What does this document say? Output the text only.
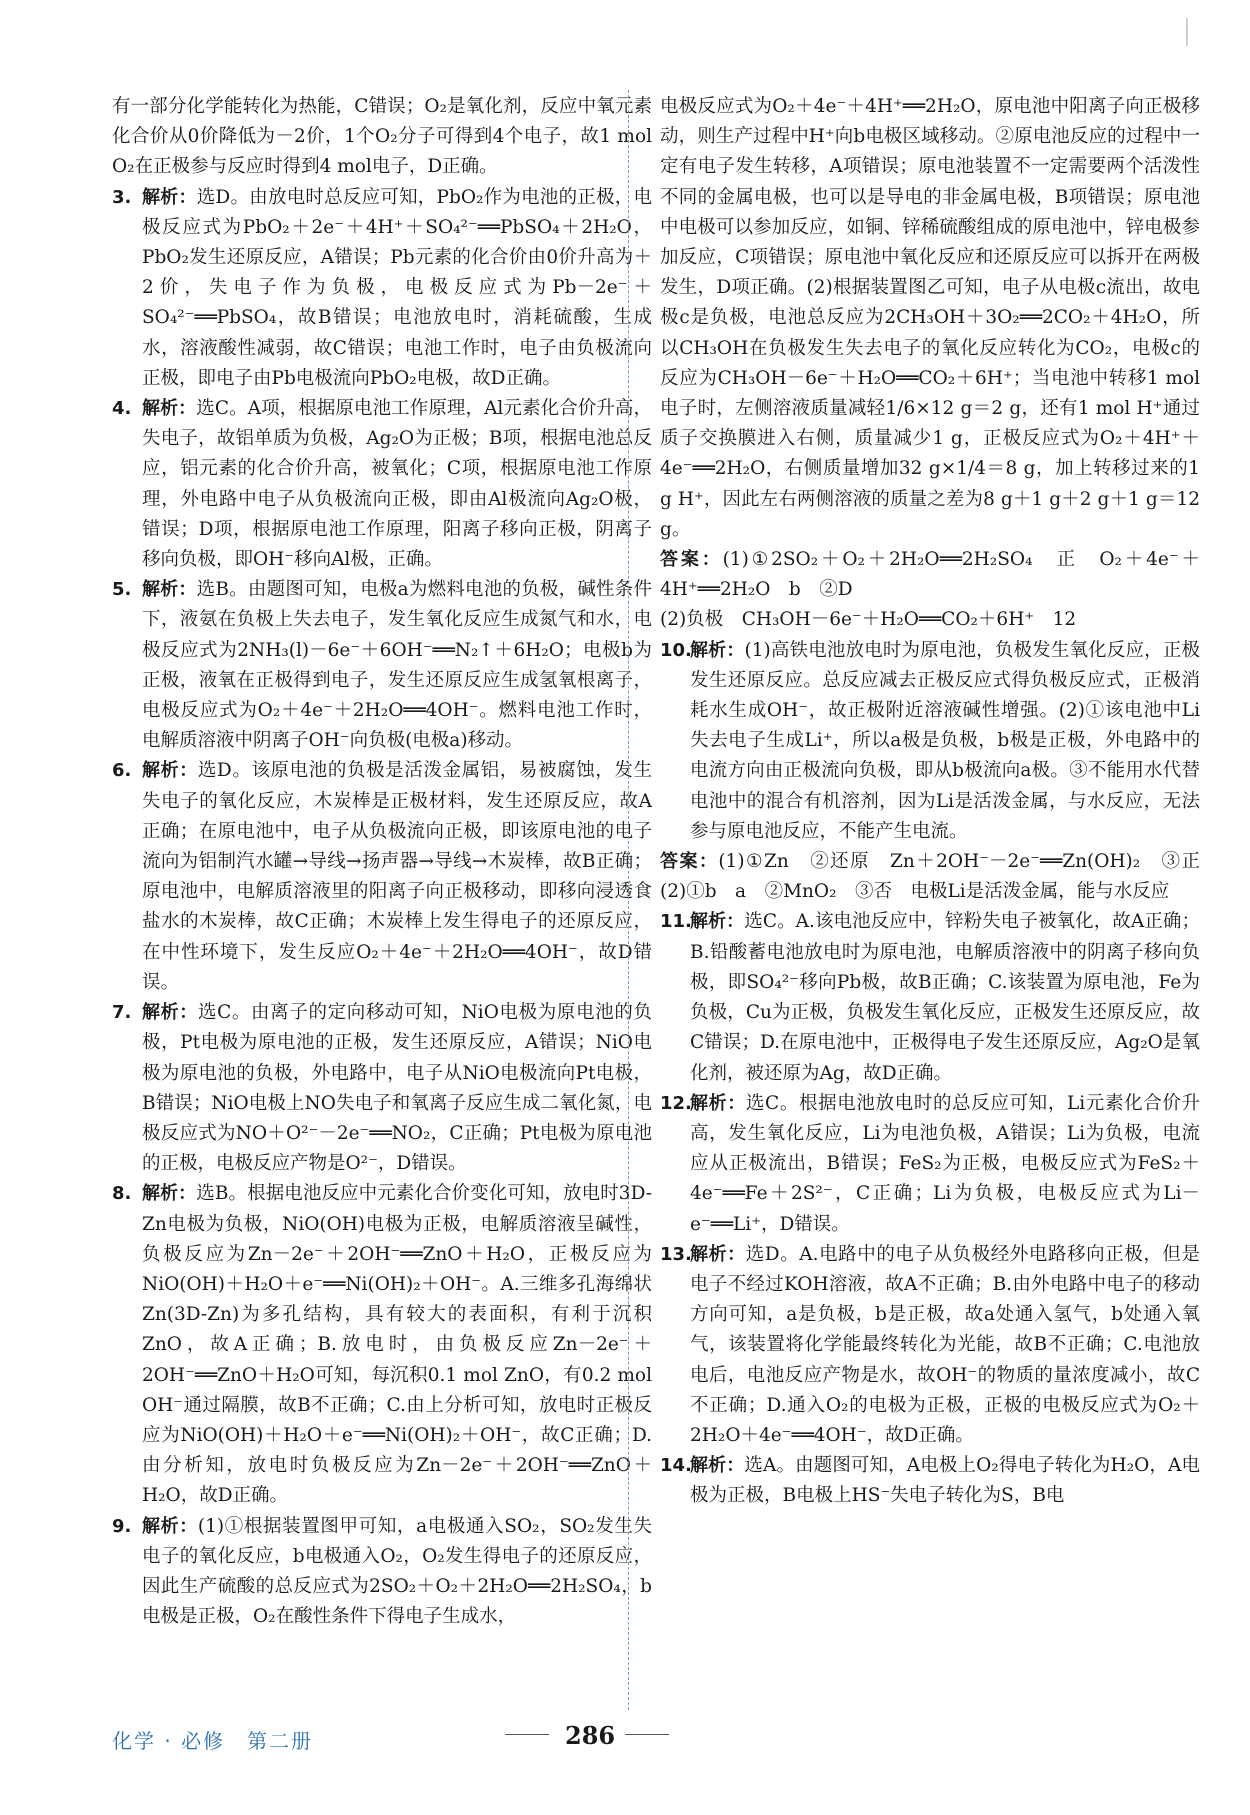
有一部分化学能转化为热能，C错误；O₂是氧化剂，反应中氧元素化合价从0价降低为－2价，1个O₂分子可得到4个电子，故1 mol O₂在正极参与反应时得到4 mol电子，D正确。

3. 解析：选D。由放电时总反应可知，PbO₂作为电池的正极，电极反应式为PbO₂＋2e⁻＋4H⁺＋SO₄²⁻══PbSO₄＋2H₂O，PbO₂发生还原反应，A错误；Pb元素的化合价由0价升高为＋2价，失电子作为负极，电极反应式为Pb－2e⁻＋SO₄²⁻══PbSO₄，故B错误；电池放电时，消耗硫酸，生成水，溶液酸性减弱，故C错误；电池工作时，电子由负极流向正极，即电子由Pb电极流向PbO₂电极，故D正确。
4. 解析：选C。A项，根据原电池工作原理，Al元素化合价升高，失电子，故铝单质为负极，Ag₂O为正极；B项，根据电池总反应，铝元素的化合价升高，被氧化；C项，根据原电池工作原理，外电路中电子从负极流向正极，即由Al极流向Ag₂O极，错误；D项，根据原电池工作原理，阳离子移向正极，阴离子移向负极，即OH⁻移向Al极，正确。
5. 解析：选B。由题图可知，电极a为燃料电池的负极，碱性条件下，液氨在负极上失去电子，发生氧化反应生成氮气和水，电极反应式为2NH₃(l)－6e⁻＋6OH⁻══N₂↑＋6H₂O；电极b为正极，液氧在正极得到电子，发生还原反应生成氢氧根离子，电极反应式为O₂＋4e⁻＋2H₂O══4OH⁻。燃料电池工作时，电解质溶液中阴离子OH⁻向负极(电极a)移动。
6. 解析：选D。该原电池的负极是活泼金属铝，易被腐蚀，发生失电子的氧化反应，木炭棒是正极材料，发生还原反应，故A正确；在原电池中，电子从负极流向正极，即该原电池的电子流向为铝制汽水罐→导线→扬声器→导线→木炭棒，故B正确；原电池中，电解质溶液里的阳离子向正极移动，即移向浸透食盐水的木炭棒，故C正确；木炭棒上发生得电子的还原反应，在中性环境下，发生反应O₂＋4e⁻＋2H₂O══4OH⁻，故D错误。
7. 解析：选C。由离子的定向移动可知，NiO电极为原电池的负极，Pt电极为原电池的正极，发生还原反应，A错误；NiO电极为原电池的负极，外电路中，电子从NiO电极流向Pt电极，B错误；NiO电极上NO失电子和氧离子反应生成二氧化氮，电极反应式为NO＋O²⁻－2e⁻══NO₂，C正确；Pt电极为原电池的正极，电极反应产物是O²⁻，D错误。
8. 解析：选B。根据电池反应中元素化合价变化可知，放电时3D-Zn电极为负极，NiO(OH)电极为正极，电解质溶液呈碱性，负极反应为Zn－2e⁻＋2OH⁻══ZnO＋H₂O，正极反应为NiO(OH)＋H₂O＋e⁻══Ni(OH)₂＋OH⁻。A.三维多孔海绵状Zn(3D-Zn)为多孔结构，具有较大的表面积，有利于沉积ZnO，故A正确；B.放电时，由负极反应Zn－2e⁻＋2OH⁻══ZnO＋H₂O可知，每沉积0.1 mol ZnO，有0.2 mol OH⁻通过隔膜，故B不正确；C.由上分析可知，放电时正极反应为NiO(OH)＋H₂O＋e⁻══Ni(OH)₂＋OH⁻，故C正确；D.由分析知，放电时负极反应为Zn－2e⁻＋2OH⁻══ZnO＋H₂O，故D正确。
9. 解析：(1)①根据装置图甲可知，a电极通入SO₂，SO₂发生失电子的氧化反应，b电极通入O₂，O₂发生得电子的还原反应，因此生产硫酸的总反应式为2SO₂＋O₂＋2H₂O══2H₂SO₄，b电极是正极，O₂在酸性条件下得电子生成水，

电极反应式为O₂＋4e⁻＋4H⁺══2H₂O，原电池中阳离子向正极移动，则生产过程中H⁺向b电极区域移动。②原电池反应的过程中一定有电子发生转移，A项错误；原电池装置不一定需要两个活泼性不同的金属电极，也可以是导电的非金属电极，B项错误；原电池中电极可以参加反应，如铜、锌稀硫酸组成的原电池中，锌电极参加反应，C项错误；原电池中氧化反应和还原反应可以拆开在两极发生，D项正确。(2)根据装置图乙可知，电子从电极c流出，故电极c是负极，电池总反应为2CH₃OH＋3O₂══2CO₂＋4H₂O，所以CH₃OH在负极发生失去电子的氧化反应转化为CO₂，电极c的反应为CH₃OH－6e⁻＋H₂O══CO₂＋6H⁺；当电池中转移1 mol电子时，左侧溶液质量减轻1/6×12 g＝2 g，还有1 mol H⁺通过质子交换膜进入右侧，质量减少1 g，正极反应式为O₂＋4H⁺＋4e⁻══2H₂O，右侧质量增加32 g×1/4＝8 g，加上转移过来的1 g H⁺，因此左右两侧溶液的质量之差为8 g＋1 g＋2 g＋1 g＝12 g。

答案：(1)①2SO₂＋O₂＋2H₂O══2H₂SO₄　正　O₂＋4e⁻＋4H⁺══2H₂O　b　②D

(2)负极　CH₃OH－6e⁻＋H₂O══CO₂＋6H⁺　12

10.
解析：(1)高铁电池放电时为原电池，负极发生氧化反应，正极发生还原反应。总反应减去正极反应式得负极反应式，正极消耗水生成OH⁻，故正极附近溶液碱性增强。(2)①该电池中Li失去电子生成Li⁺，所以a极是负极，b极是正极，外电路中的电流方向由正极流向负极，即从b极流向a极。③不能用水代替电池中的混合有机溶剂，因为Li是活泼金属，与水反应，无法参与原电池反应，不能产生电流。

答案：(1)①Zn　②还原　Zn＋2OH⁻－2e⁻══Zn(OH)₂　③正　(2)①b　a　②MnO₂　③否　电极Li是活泼金属，能与水反应

11.
解析：选C。A.该电池反应中，锌粉失电子被氧化，故A正确；B.铅酸蓄电池放电时为原电池，电解质溶液中的阴离子移向负极，即SO₄²⁻移向Pb极，故B正确；C.该装置为原电池，Fe为负极，Cu为正极，负极发生氧化反应，正极发生还原反应，故C错误；D.在原电池中，正极得电子发生还原反应，Ag₂O是氧化剂，被还原为Ag，故D正确。
12.
解析：选C。根据电池放电时的总反应可知，Li元素化合价升高，发生氧化反应，Li为电池负极，A错误；Li为负极，电流应从正极流出，B错误；FeS₂为正极，电极反应式为FeS₂＋4e⁻══Fe＋2S²⁻，C正确；Li为负极，电极反应式为Li－e⁻══Li⁺，D错误。
13.
解析：选D。A.电路中的电子从负极经外电路移向正极，但是电子不经过KOH溶液，故A不正确；B.由外电路中电子的移动方向可知，a是负极，b是正极，故a处通入氢气，b处通入氧气，该装置将化学能最终转化为光能，故B不正确；C.电池放电后，电池反应产物是水，故OH⁻的物质的量浓度减小，故C不正确；D.通入O₂的电极为正极，正极的电极反应式为O₂＋2H₂O＋4e⁻══4OH⁻，故D正确。
14.
解析：选A。由题图可知，A电极上O₂得电子转化为H₂O，A电极为正极，B电极上HS⁻失电子转化为S，B电
化学 · 必修　第二册	286
